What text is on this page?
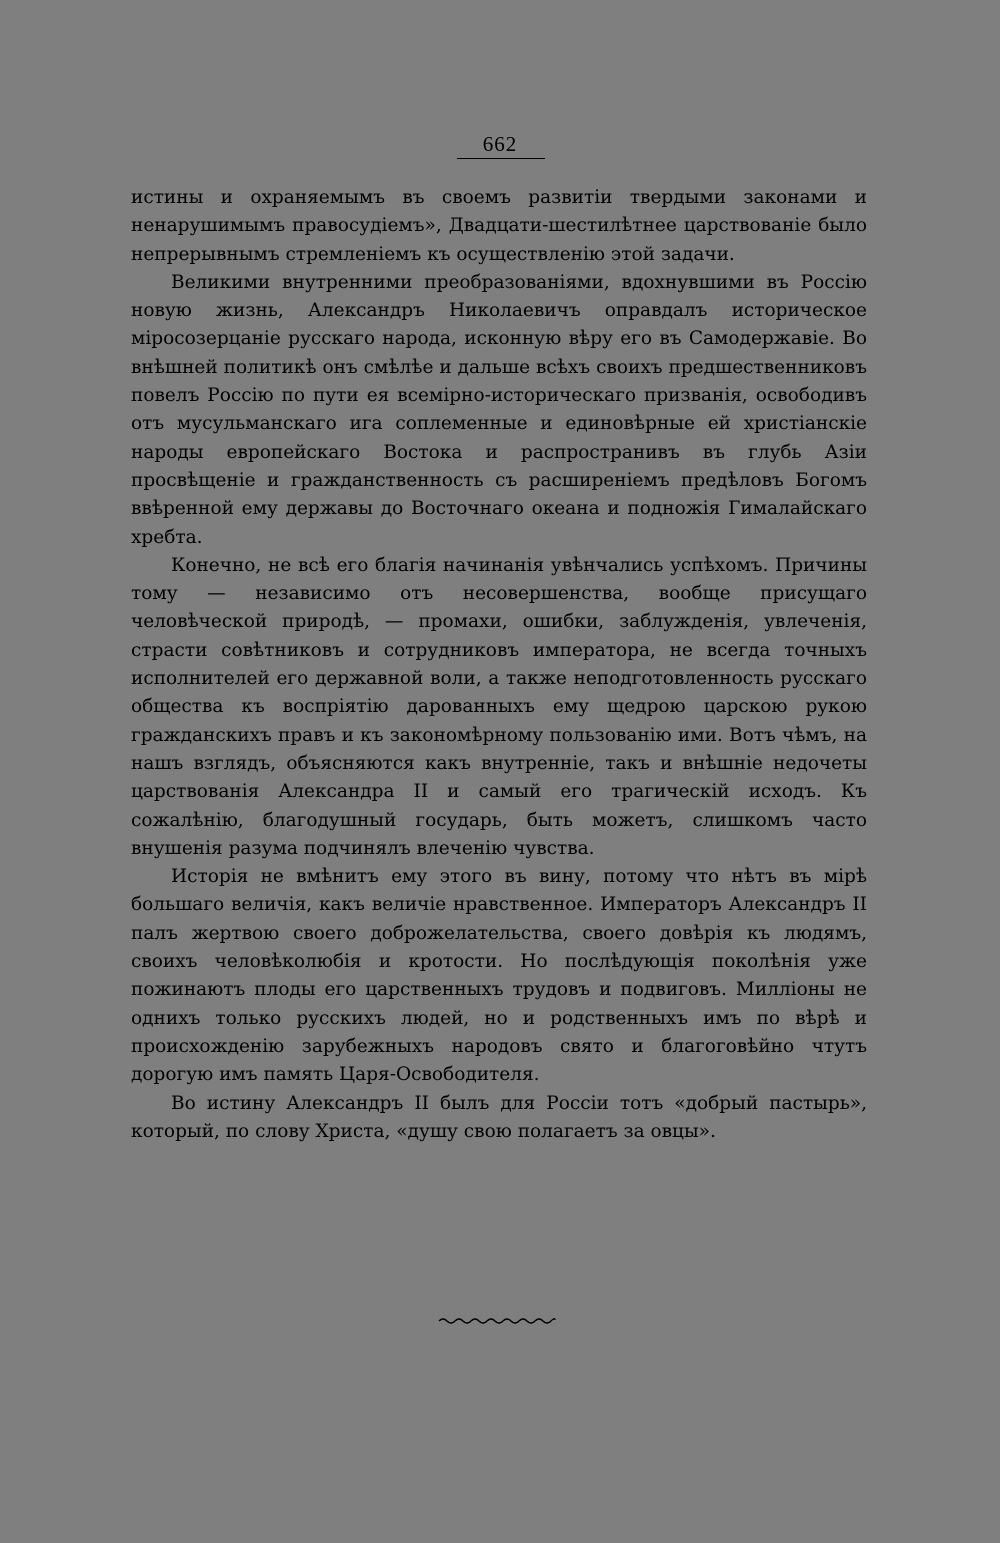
662

истины и охраняемымъ въ своемъ развитіи твердыми законами и ненарушимымъ правосудіемъ», Двадцати-шестилѣтнее царствованіе было непрерывнымъ стремленіемъ къ осуществленію этой задачи.

Великими внутренними преобразованіями, вдохнувшими въ Россію новую жизнь, Александръ Николаевичъ оправдалъ историческое міросозерцаніе русскаго народа, исконную вѣру его въ Самодержавіе. Во внѣшней политикѣ онъ смѣлѣе и дальше всѣхъ своихъ предшественниковъ повелъ Россію по пути ея всемірно-историческаго призванія, освободивъ отъ мусульманскаго ига соплеменные и единовѣрные ей христіанскіе народы европейскаго Востока и распространивъ въ глубь Азіи просвѣщеніе и гражданственность съ расширеніемъ предѣловъ Богомъ ввѣренной ему державы до Восточнаго океана и подножія Гималайскаго хребта.

Конечно, не всѣ его благія начинанія увѣнчались успѣхомъ. Причины тому — независимо отъ несовершенства, вообще присущаго человѣческой природѣ, — промахи, ошибки, заблужденія, увлеченія, страсти совѣтниковъ и сотрудниковъ императора, не всегда точныхъ исполнителей его державной воли, а также неподготовленность русскаго общества къ воспріятію дарованныхъ ему щедрою царскою рукою гражданскихъ правъ и къ закономѣрному пользованію ими. Вотъ чѣмъ, на нашъ взглядъ, объясняются какъ внутренніе, такъ и внѣшніе недочеты царствованія Александра II и самый его трагическій исходъ. Къ сожалѣнію, благодушный государь, быть можетъ, слишкомъ часто внушенія разума подчинялъ влеченію чувства.

Исторія не вмѣнитъ ему этого въ вину, потому что нѣтъ въ мірѣ большаго величія, какъ величіе нравственное. Императоръ Александръ II палъ жертвою своего доброжелательства, своего довѣрія къ людямъ, своихъ человѣколюбія и кротости. Но послѣдующія поколѣнія уже пожинаютъ плоды его царственныхъ трудовъ и подвиговъ. Милліоны не однихъ только русскихъ людей, но и родственныхъ имъ по вѣрѣ и происхожденію зарубежныхъ народовъ свято и благоговѣйно чтутъ дорогую имъ память Царя-Освободителя.

Во истину Александръ II былъ для Россіи тотъ «добрый пастырь», который, по слову Христа, «душу свою полагаетъ за овцы».
